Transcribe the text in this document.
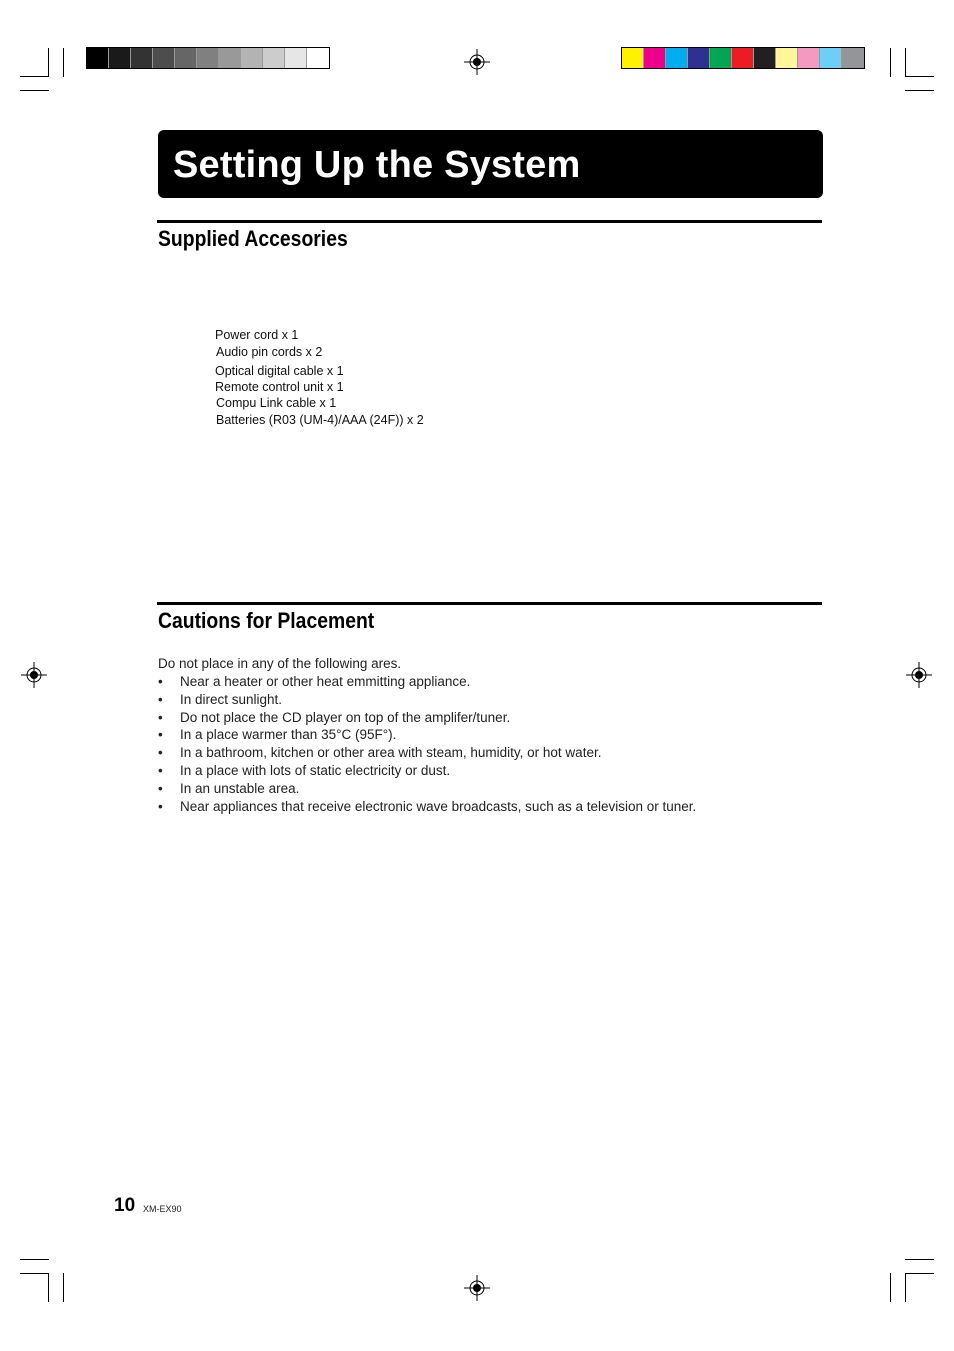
Setting Up the System
Supplied Accesories
Power cord x 1
Audio pin cords x 2
Optical digital cable x 1
Remote control unit x 1
Compu Link cable x 1
Batteries (R03 (UM-4)/AAA (24F)) x 2
Cautions for Placement

Do not place in any of the following ares.

• Near a heater or other heat emmitting appliance.
• In direct sunlight.
• Do not place the CD player on top of the amplifer/tuner.
• In a place warmer than 35°C (95F°).
• In a bathroom, kitchen or other area with steam, humidity, or hot water.
• In a place with lots of static electricity or dust.
• In an unstable area.
• Near appliances that receive electronic wave broadcasts, such as a television or tuner.
10 XM-EX90
